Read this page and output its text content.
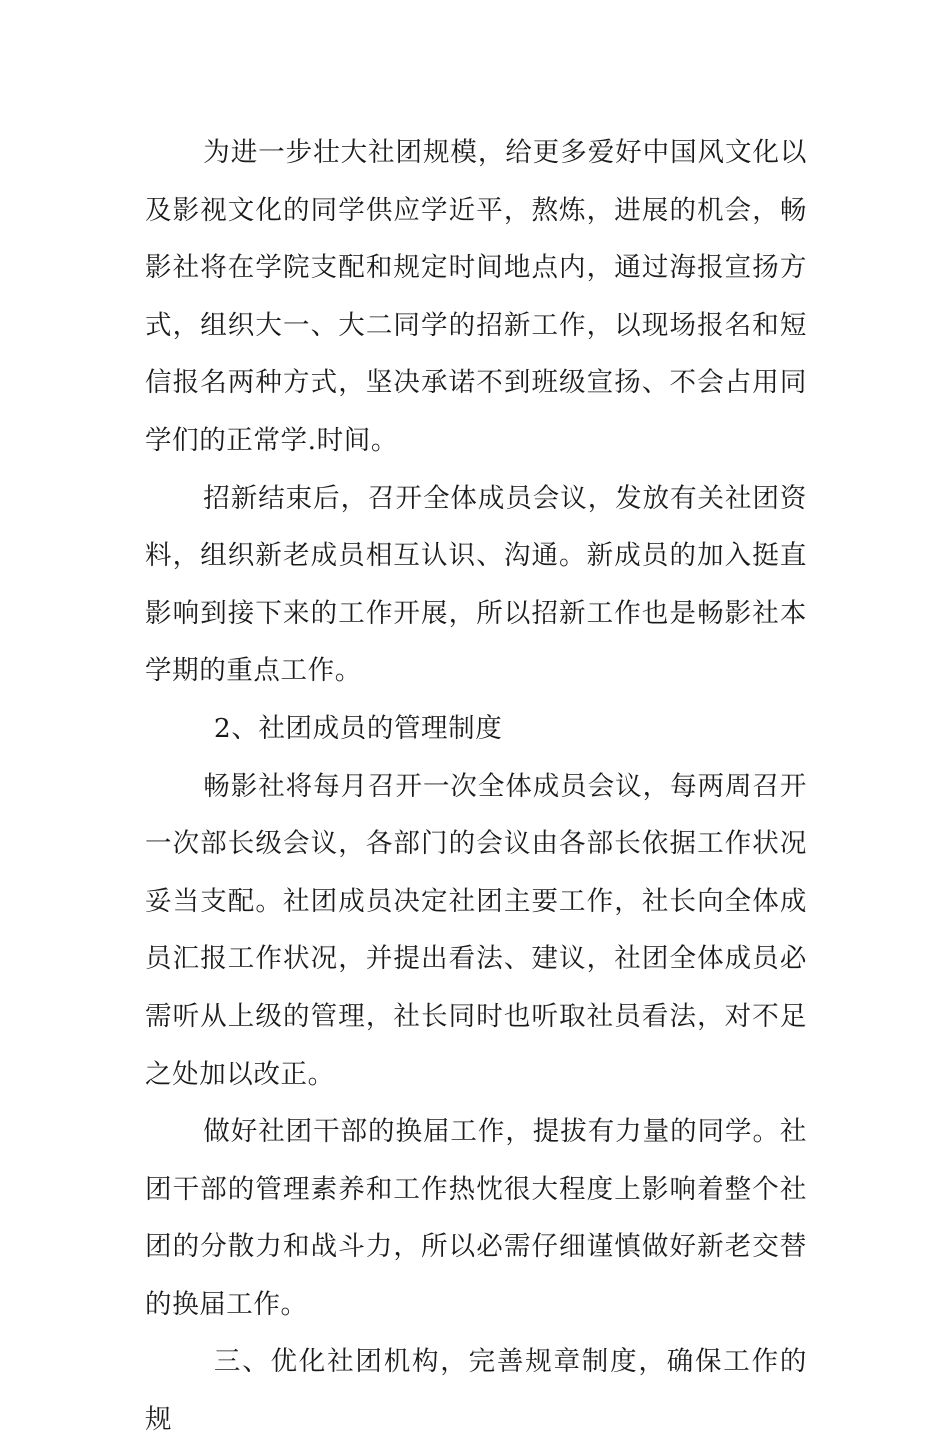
为进一步壮大社团规模，给更多爱好中国风文化以及影视文化的同学供应学近平，熬炼，进展的机会，畅影社将在学院支配和规定时间地点内，通过海报宣扬方式，组织大一、大二同学的招新工作，以现场报名和短信报名两种方式，坚决承诺不到班级宣扬、不会占用同学们的正常学.时间。

招新结束后，召开全体成员会议，发放有关社团资料，组织新老成员相互认识、沟通。新成员的加入挺直影响到接下来的工作开展，所以招新工作也是畅影社本学期的重点工作。

2、社团成员的管理制度

畅影社将每月召开一次全体成员会议，每两周召开一次部长级会议，各部门的会议由各部长依据工作状况妥当支配。社团成员决定社团主要工作，社长向全体成员汇报工作状况，并提出看法、建议，社团全体成员必需听从上级的管理，社长同时也听取社员看法，对不足之处加以改正。

做好社团干部的换届工作，提拔有力量的同学。社团干部的管理素养和工作热忱很大程度上影响着整个社团的分散力和战斗力，所以必需仔细谨慎做好新老交替的换届工作。

三、优化社团机构，完善规章制度，确保工作的规
